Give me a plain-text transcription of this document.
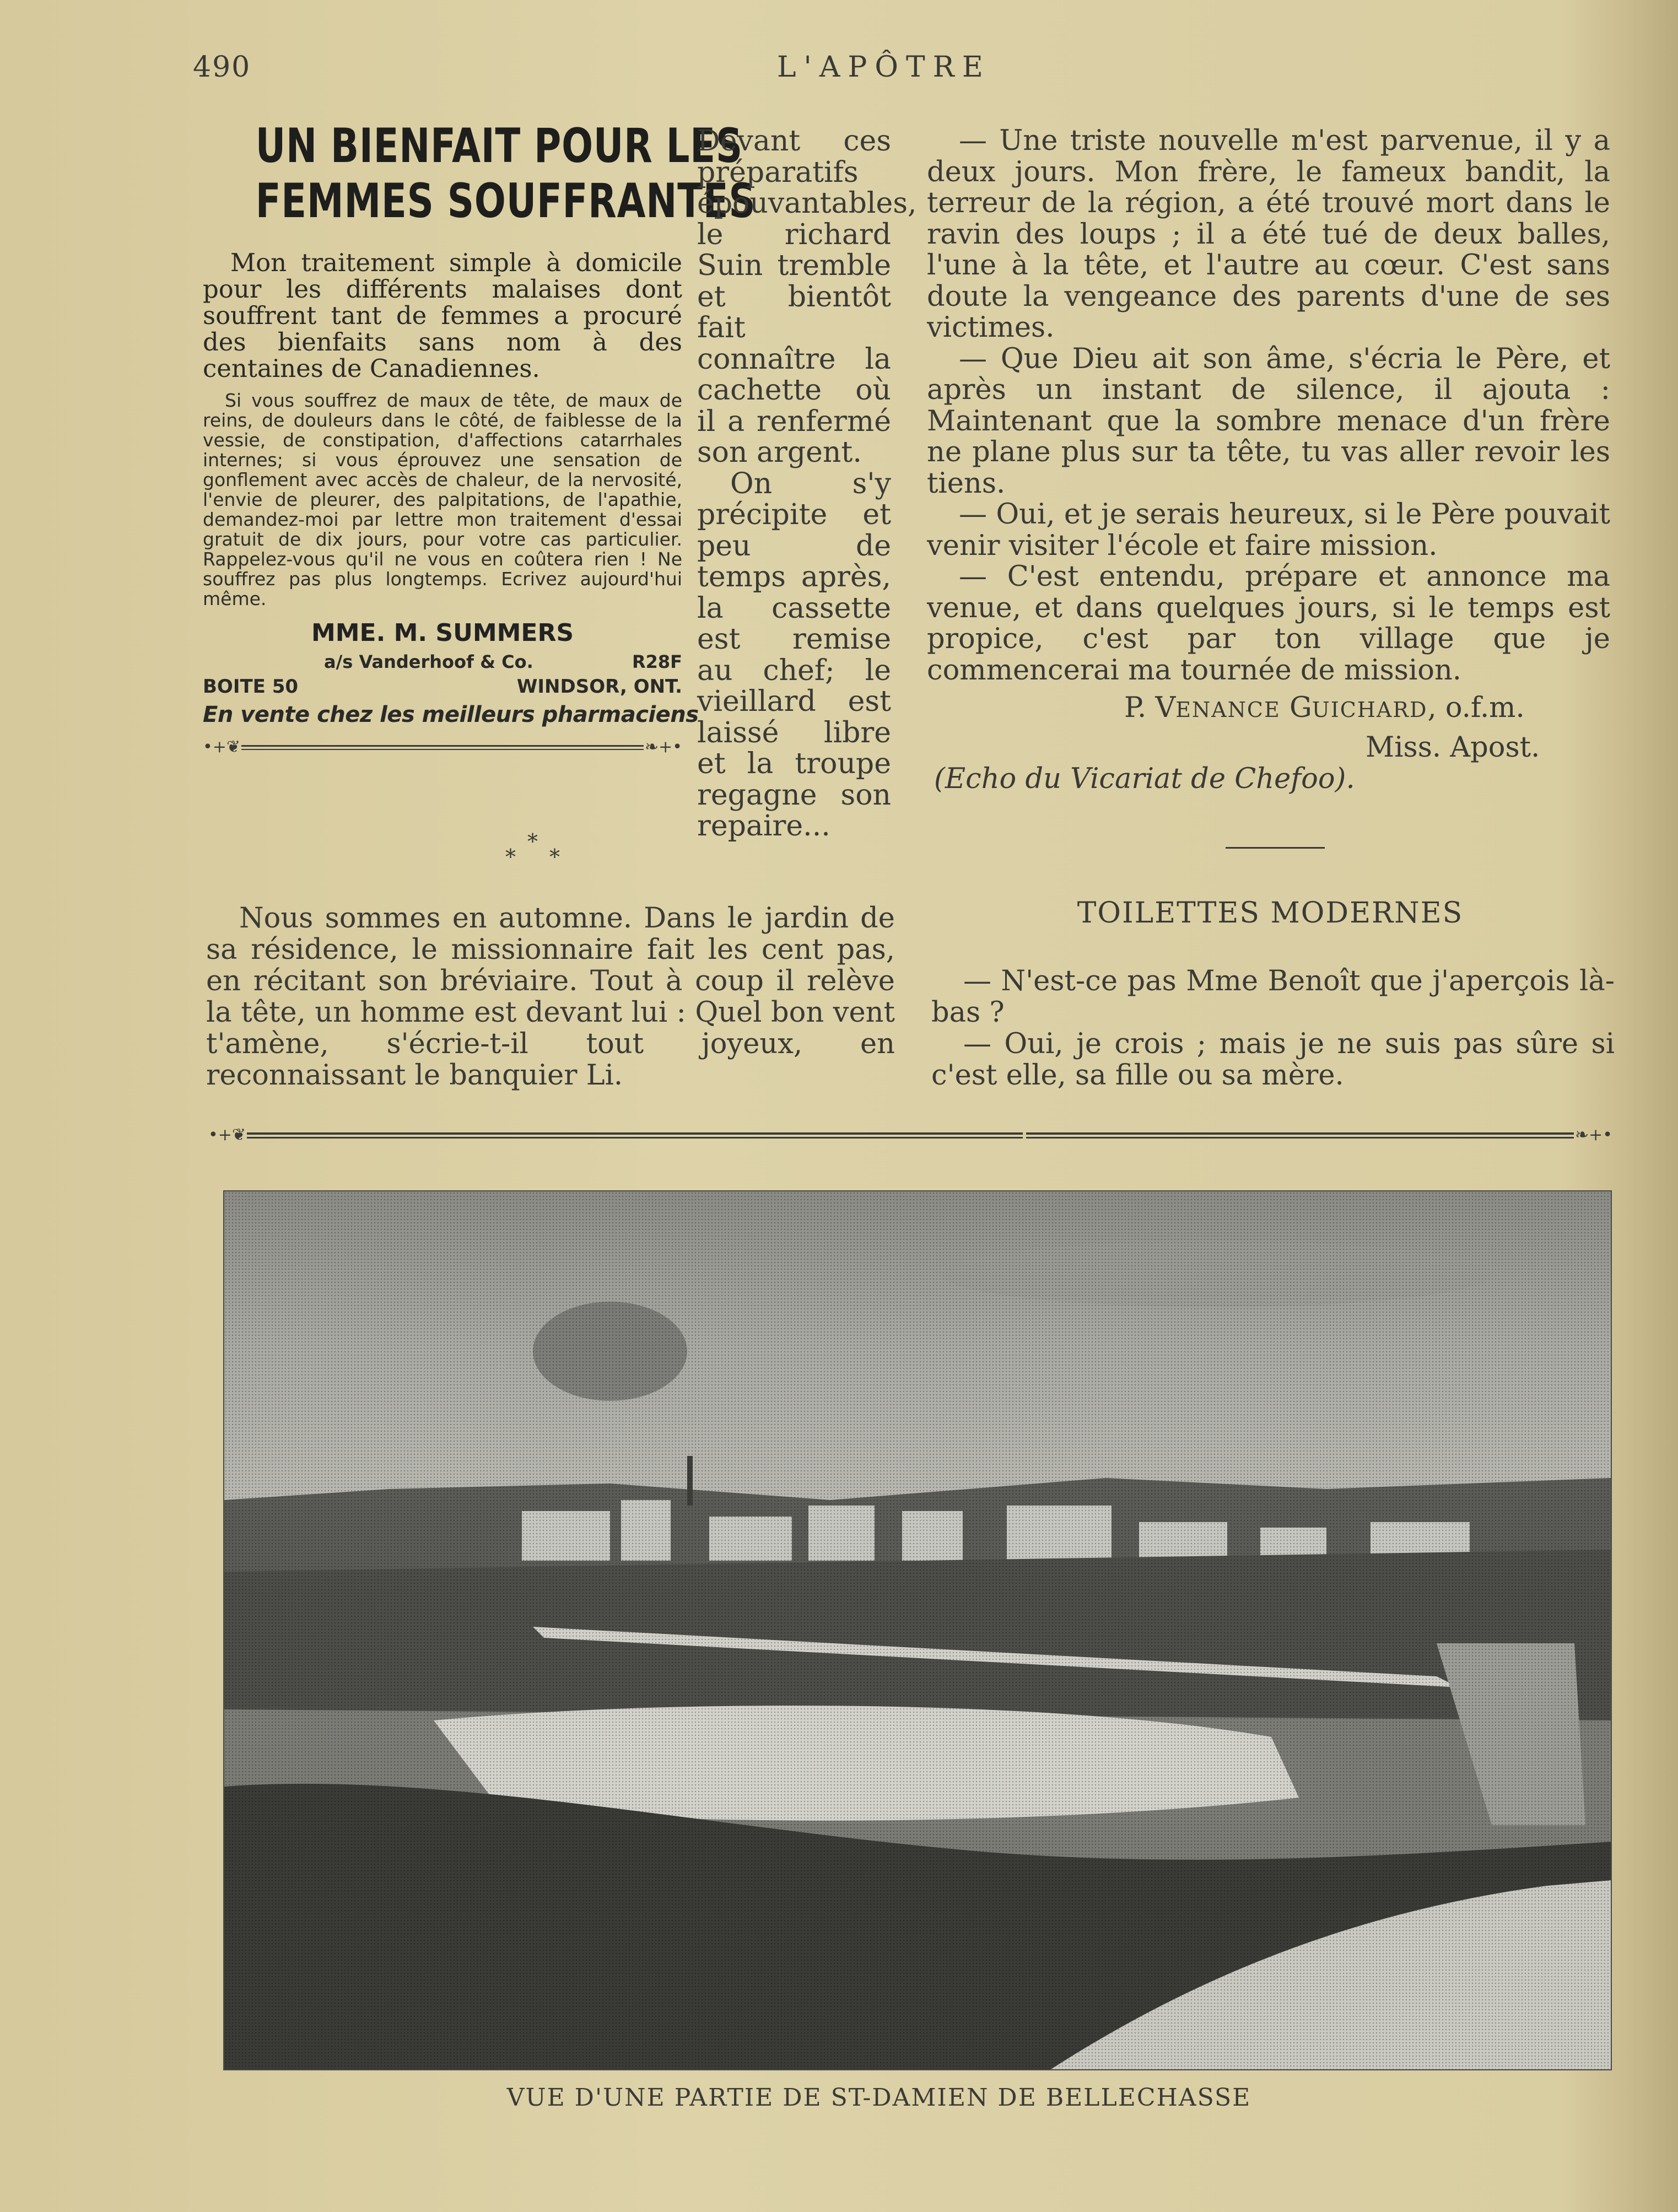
490	L'APÔTRE
UN BIENFAIT POUR LES
FEMMES SOUFFRANTES
Mon traitement simple à domicile pour les différents malaises dont souffrent tant de femmes a procuré des bienfaits sans nom à des centaines de Canadiennes.
Si vous souffrez de maux de tête, de maux de reins, de douleurs dans le côté, de faiblesse de la vessie, de constipation, d'affections catarrhales internes; si vous éprouvez une sensation de gonflement avec accès de chaleur, de la nervosité, l'envie de pleurer, des palpitations, de l'apathie, demandez-moi par lettre mon traitement d'essai gratuit de dix jours, pour votre cas particulier. Rappelez-vous qu'il ne vous en coûtera rien ! Ne souffrez pas plus longtemps. Ecrivez aujourd'hui même.
MME. M. SUMMERS
a/s Vanderhoof & Co.	R28F
BOITE 50	WINDSOR, ONT.
En vente chez les meilleurs pharmaciens
•+❦	❧+•

Devant ces préparatifs épouvantables, le richard Suin tremble et bientôt fait connaître la cachette où il a renfermé son argent.

On s'y précipite et peu de temps après, la cassette est remise au chef; le vieillard est laissé libre et la troupe regagne son repaire...

— Une triste nouvelle m'est parvenue, il y a deux jours. Mon frère, le fameux bandit, la terreur de la région, a été trouvé mort dans le ravin des loups ; il a été tué de deux balles, l'une à la tête, et l'autre au cœur. C'est sans doute la vengeance des parents d'une de ses victimes.

— Que Dieu ait son âme, s'écria le Père, et après un instant de silence, il ajouta : Maintenant que la sombre menace d'un frère ne plane plus sur ta tête, tu vas aller revoir les tiens.

— Oui, et je serais heureux, si le Père pouvait venir visiter l'école et faire mission.

— C'est entendu, prépare et annonce ma venue, et dans quelques jours, si le temps est propice, c'est par ton village que je commencerai ma tournée de mission.

P. VENANCE GUICHARD, o.f.m.
Miss. Apost.
(Echo du Vicariat de Chefoo).
*
* *

Nous sommes en automne. Dans le jardin de sa résidence, le missionnaire fait les cent pas, en récitant son bréviaire. Tout à coup il relève la tête, un homme est devant lui : Quel bon vent t'amène, s'écrie-t-il tout joyeux, en reconnaissant le banquier Li.

TOILETTES MODERNES

— N'est-ce pas Mme Benoît que j'aperçois là-bas ?

— Oui, je crois ; mais je ne suis pas sûre si c'est elle, sa fille ou sa mère.

•+❦	❧+•
VUE D'UNE PARTIE DE ST-DAMIEN DE BELLECHASSE
